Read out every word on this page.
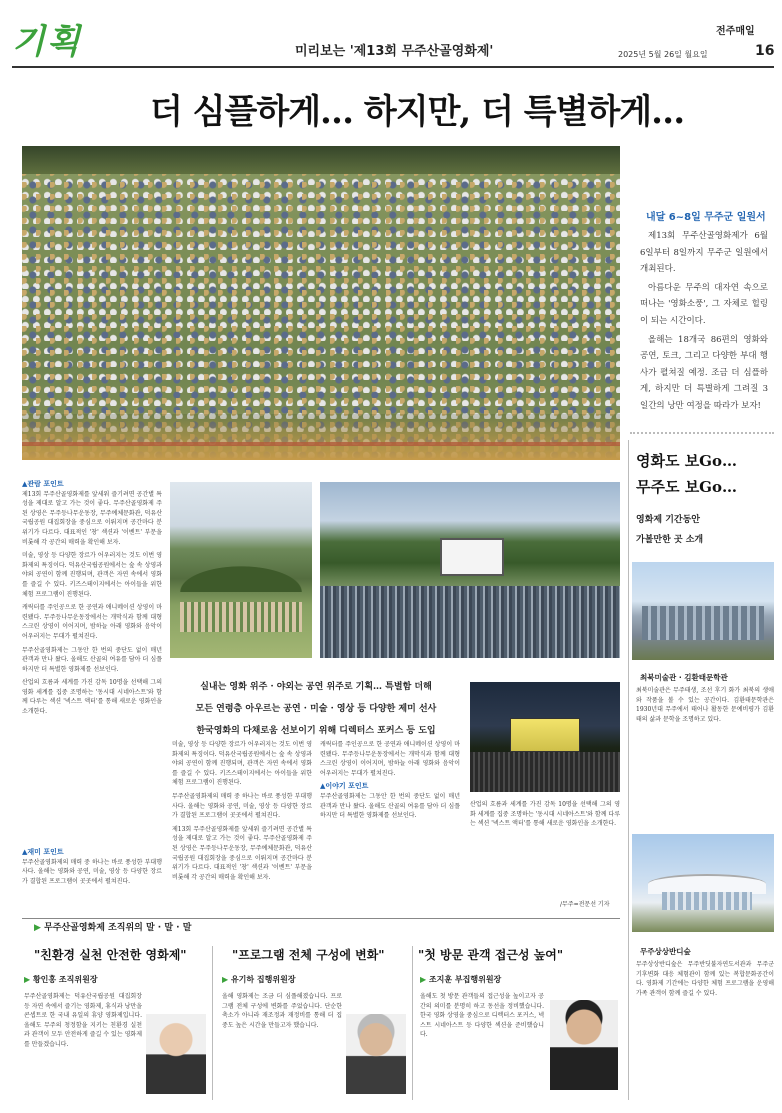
기획	미리보는 '제13회 무주산골영화제'
전주매일
2025년 5월 26일 월요일	16
더 심플하게… 하지만, 더 특별하게…
내달 6~8일 무주군 일원서

제13회 무주산골영화제가 6월 6일부터 8일까지 무주군 일원에서 개최된다.

아름다운 무주의 대자연 속으로 떠나는 '영화소풍', 그 자체로 힐링이 되는 시간이다.

올해는 18개국 86편의 영화와 공연, 토크, 그리고 다양한 부대 행사가 펼쳐질 예정. 조금 더 심플하게, 하지만 더 특별하게 그려질 3일간의 낭만 여정을 따라가 보자!

▲관람 포인트

제13회 무주산골영화제를 앞세워 즐기려면 공간별 특성을 제대로 알고 가는 것이 좋다. 무주산골영화제 주된 상영은 무주등나무운동장, 무주예체문화관, 덕유산국립공원 대집회장을 중심으로 이뤄지며 공간마다 분위기가 다르다. 대표적인 '창' 섹션과 '이벤트' 부문을 비롯해 각 공간의 매력을 확인해 보자.

미술, 영상 등 다양한 장르가 어우러지는 것도 이번 영화제의 특징이다. 덕유산국립공원에서는 숲 속 상영과 야외 공연이 함께 진행되며, 관객은 자연 속에서 영화를 즐길 수 있다. 키즈스테이지에서는 아이들을 위한 체험 프로그램이 진행된다.

캐릭터를 주인공으로 한 공연과 애니메이션 상영이 마련됐다. 무주등나무운동장에서는 개막식과 함께 대형 스크린 상영이 이어지며, 밤하늘 아래 영화와 음악이 어우러지는 무대가 펼쳐진다.

무주산골영화제는 그동안 한 번의 중단도 없이 매년 관객과 만나 왔다. 올해도 산골의 여유를 담아 더 심플하지만 더 특별한 영화제를 선보인다.

산업의 흐름과 세계를 가진 감독 10명을 선택해 그의 영화 세계를 집중 조명하는 '동시대 시네아스트'와 함께 다루는 섹션 '넥스트 액터'를 통해 새로운 영화인을 소개한다.

▲재미 포인트

무주산골영화제의 매력 중 하나는 바로 풍성한 부대행사다. 올해는 영화와 공연, 미술, 영상 등 다양한 장르가 결합된 프로그램이 곳곳에서 펼쳐진다.

실내는 영화 위주 · 야외는 공연 위주로 기획… 특별함 더해
모든 연령층 아우르는 공연 · 미술 · 영상 등 다양한 제미 선사
한국영화의 다채로움 선보이기 위해 디렉터스 포커스 등 도입

미술, 영상 등 다양한 장르가 어우러지는 것도 이번 영화제의 특징이다. 덕유산국립공원에서는 숲 속 상영과 야외 공연이 함께 진행되며, 관객은 자연 속에서 영화를 즐길 수 있다. 키즈스테이지에서는 아이들을 위한 체험 프로그램이 진행된다.

무주산골영화제의 매력 중 하나는 바로 풍성한 부대행사다. 올해는 영화와 공연, 미술, 영상 등 다양한 장르가 결합된 프로그램이 곳곳에서 펼쳐진다.

제13회 무주산골영화제를 앞세워 즐기려면 공간별 특성을 제대로 알고 가는 것이 좋다. 무주산골영화제 주된 상영은 무주등나무운동장, 무주예체문화관, 덕유산국립공원 대집회장을 중심으로 이뤄지며 공간마다 분위기가 다르다. 대표적인 '창' 섹션과 '이벤트' 부문을 비롯해 각 공간의 매력을 확인해 보자.

캐릭터를 주인공으로 한 공연과 애니메이션 상영이 마련됐다. 무주등나무운동장에서는 개막식과 함께 대형 스크린 상영이 이어지며, 밤하늘 아래 영화와 음악이 어우러지는 무대가 펼쳐진다.

▲이야기 포인트

무주산골영화제는 그동안 한 번의 중단도 없이 매년 관객과 만나 왔다. 올해도 산골의 여유를 담아 더 심플하지만 더 특별한 영화제를 선보인다.

산업의 흐름과 세계를 가진 감독 10명을 선택해 그의 영화 세계를 집중 조명하는 '동시대 시네아스트'와 함께 다루는 섹션 '넥스트 액터'를 통해 새로운 영화인을 소개한다.

/무주=전문선 기자
영화도 보Go…
무주도 보Go…
영화제 기간동안
가볼만한 곳 소개
최북미술관 · 김환태문학관
최북미술관은 무주태생, 조선 후기 화가 최북의 생애와 작품을 볼 수 있는 공간이다. 김환태문학관은 1930년대 무주에서 태어나 활동한 문예비평가 김환태의 삶과 문학을 조명하고 있다.
무주상상반디숲
무주상상반디숲은 무주반딧불자연도서관과 무주군 기후변화 대응 체험관이 함께 있는 복합문화공간이다. 영화제 기간에는 다양한 체험 프로그램을 운영해 가족 관객이 함께 즐길 수 있다.
▶ 무주산골영화제 조직위의 말 · 말 · 말
"친환경 실천 안전한 영화제"
▶ 황인홍 조직위원장
무주산골영화제는 덕유산국립공원 대집회장 등 자연 속에서 즐기는 영화제, 휴식과 낭만을 콘셉트로 한 국내 유일의 휴양 영화제입니다. 올해도 무주의 청정함을 지키는 친환경 실천과 관객이 모두 안전하게 즐길 수 있는 영화제를 만들겠습니다.
"프로그램 전체 구성에 변화"
▶ 유기하 집행위원장
올해 영화제는 조금 더 심플해졌습니다. 프로그램 전체 구성에 변화를 주었습니다. 단순한 축소가 아니라 재조정과 재정비를 통해 더 집중도 높은 시간을 만들고자 했습니다.
"첫 방문 관객 접근성 높여"
▶ 조지훈 부집행위원장
올해도 첫 방문 관객들의 접근성을 높이고자 공간의 의미를 분명히 하고 동선을 정비했습니다. 한국 영화 상영을 중심으로 디렉터스 포커스, 넥스트 시네아스트 등 다양한 섹션을 준비했습니다.
